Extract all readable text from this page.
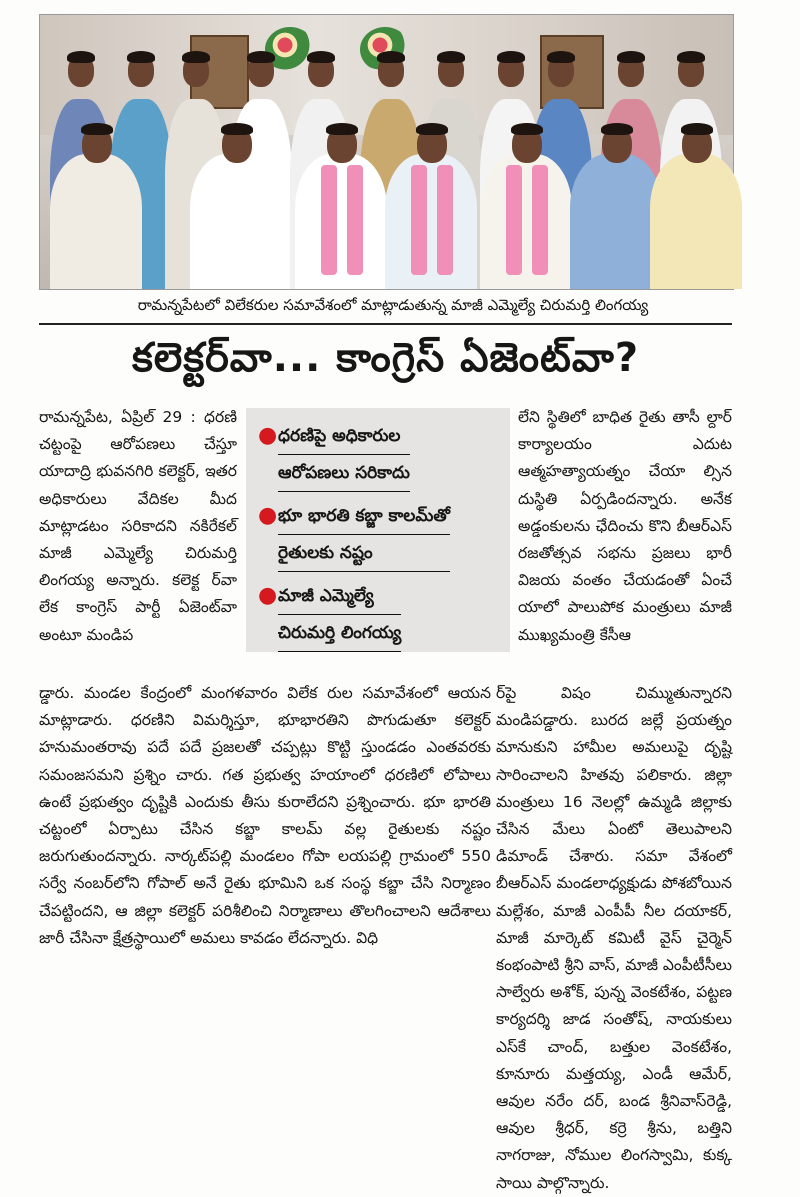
రామన్నపేటలో విలేకరుల సమావేశంలో మాట్లాడుతున్న మాజీ ఎమ్మెల్యే చిరుమర్తి లింగయ్య
కలెక్టర్‌వా... కాంగ్రెస్‌ ఏజెంట్‌వా?
రామన్నపేట, ఏప్రిల్‌ 29 : ధరణి చట్టంపై ఆరోపణలు చేస్తూ యాదాద్రి భువనగిరి కలెక్టర్‌, ఇతర అధికారులు వేదికల మీద మాట్లాడటం సరికాదని నకిరేకల్‌ మాజీ ఎమ్మెల్యే చిరుమర్తి లింగయ్య అన్నారు. కలెక్ట ర్‌వా లేక కాంగ్రెస్‌ పార్టీ ఏజెంట్‌వా అంటూ మండిప
● ధరణిపై అధికారుల
ఆరోపణలు సరికాదు
● భూ భారతి కబ్జా కాలమ్‌తో
రైతులకు నష్టం
● మాజీ ఎమ్మెల్యే
చిరుమర్తి లింగయ్య
లేని స్థితిలో బాధిత రైతు తాసీ ల్దార్‌ కార్యాలయం ఎదుట ఆత్మహత్యాయత్నం చేయా ల్సిన దుస్థితి ఏర్పడిందన్నారు. అనేక అడ్డంకులను ఛేదించు కొని బీఆర్‌ఎస్‌ రజతోత్సవ సభను ప్రజలు భారీ విజయ వంతం చేయడంతో ఏంచే యాలో పాలుపోక మంత్రులు మాజీ ముఖ్యమంత్రి కేసీఆ
డ్డారు. మండల కేంద్రంలో మంగళవారం విలేక రుల సమావేశంలో ఆయన మాట్లాడారు. ధరణిని విమర్శిస్తూ, భూభారతిని పొగుడుతూ కలెక్టర్‌ హనుమంతరావు పదే పదే ప్రజలతో చప్పట్లు కొట్టి స్తుండడం ఎంతవరకు సమంజసమని ప్రశ్నిం చారు. గత ప్రభుత్వ హయాంలో ధరణిలో లోపాలు ఉంటే ప్రభుత్వం దృష్టికి ఎందుకు తీసు కురాలేదని ప్రశ్నించారు. భూ భారతి చట్టంలో ఏర్పాటు చేసిన కబ్జా కాలమ్‌ వల్ల రైతులకు నష్టం జరుగుతుందన్నారు. నార్కట్‌పల్లి మండలం గోపా లయపల్లి గ్రామంలో 550 సర్వే నంబర్‌లోని గోపాల్‌ అనే రైతు భూమిని ఒక సంస్థ కబ్జా చేసి నిర్మాణం చేపట్టిందని, ఆ జిల్లా కలెక్టర్‌ పరిశీలించి నిర్మాణాలు తొలగించాలని ఆదేశాలు జారీ చేసినా క్షేత్రస్థాయిలో అమలు కావడం లేదన్నారు. విధి
ర్‌పై విషం చిమ్ముతున్నారని మండిపడ్డారు. బురద జల్లే ప్రయత్నం మానుకుని హామీల అమలుపై దృష్టి సారించాలని హితవు పలికారు. జిల్లా మంత్రులు 16 నెలల్లో ఉమ్మడి జిల్లాకు చేసిన మేలు ఏంటో తెలుపాలని డిమాండ్‌ చేశారు. సమా వేశంలో బీఆర్‌ఎస్‌ మండలాధ్యక్షుడు పోశబోయిన మల్లేశం, మాజీ ఎంపీపీ నీల దయాకర్‌, మాజీ మార్కెట్‌ కమిటీ వైస్‌ చైర్మెన్‌ కంభంపాటి శ్రీని వాస్‌, మాజీ ఎంపీటీసీలు సాల్వేరు అశోక్‌, పున్న వెంకటేశం, పట్టణ కార్యదర్శి జాడ సంతోష్‌, నాయకులు ఎస్‌కే చాంద్‌, బత్తుల వెంకటేశం, కూనూరు మత్తయ్య, ఎండీ ఆమేర్‌, ఆవుల నరేం దర్‌, బండ శ్రీనివాస్‌రెడ్డి, ఆవుల శ్రీధర్‌, కర్రె శ్రీను, బత్తిని నాగరాజు, నోముల లింగస్వామి, కుక్క సాయి పాల్గొన్నారు.
